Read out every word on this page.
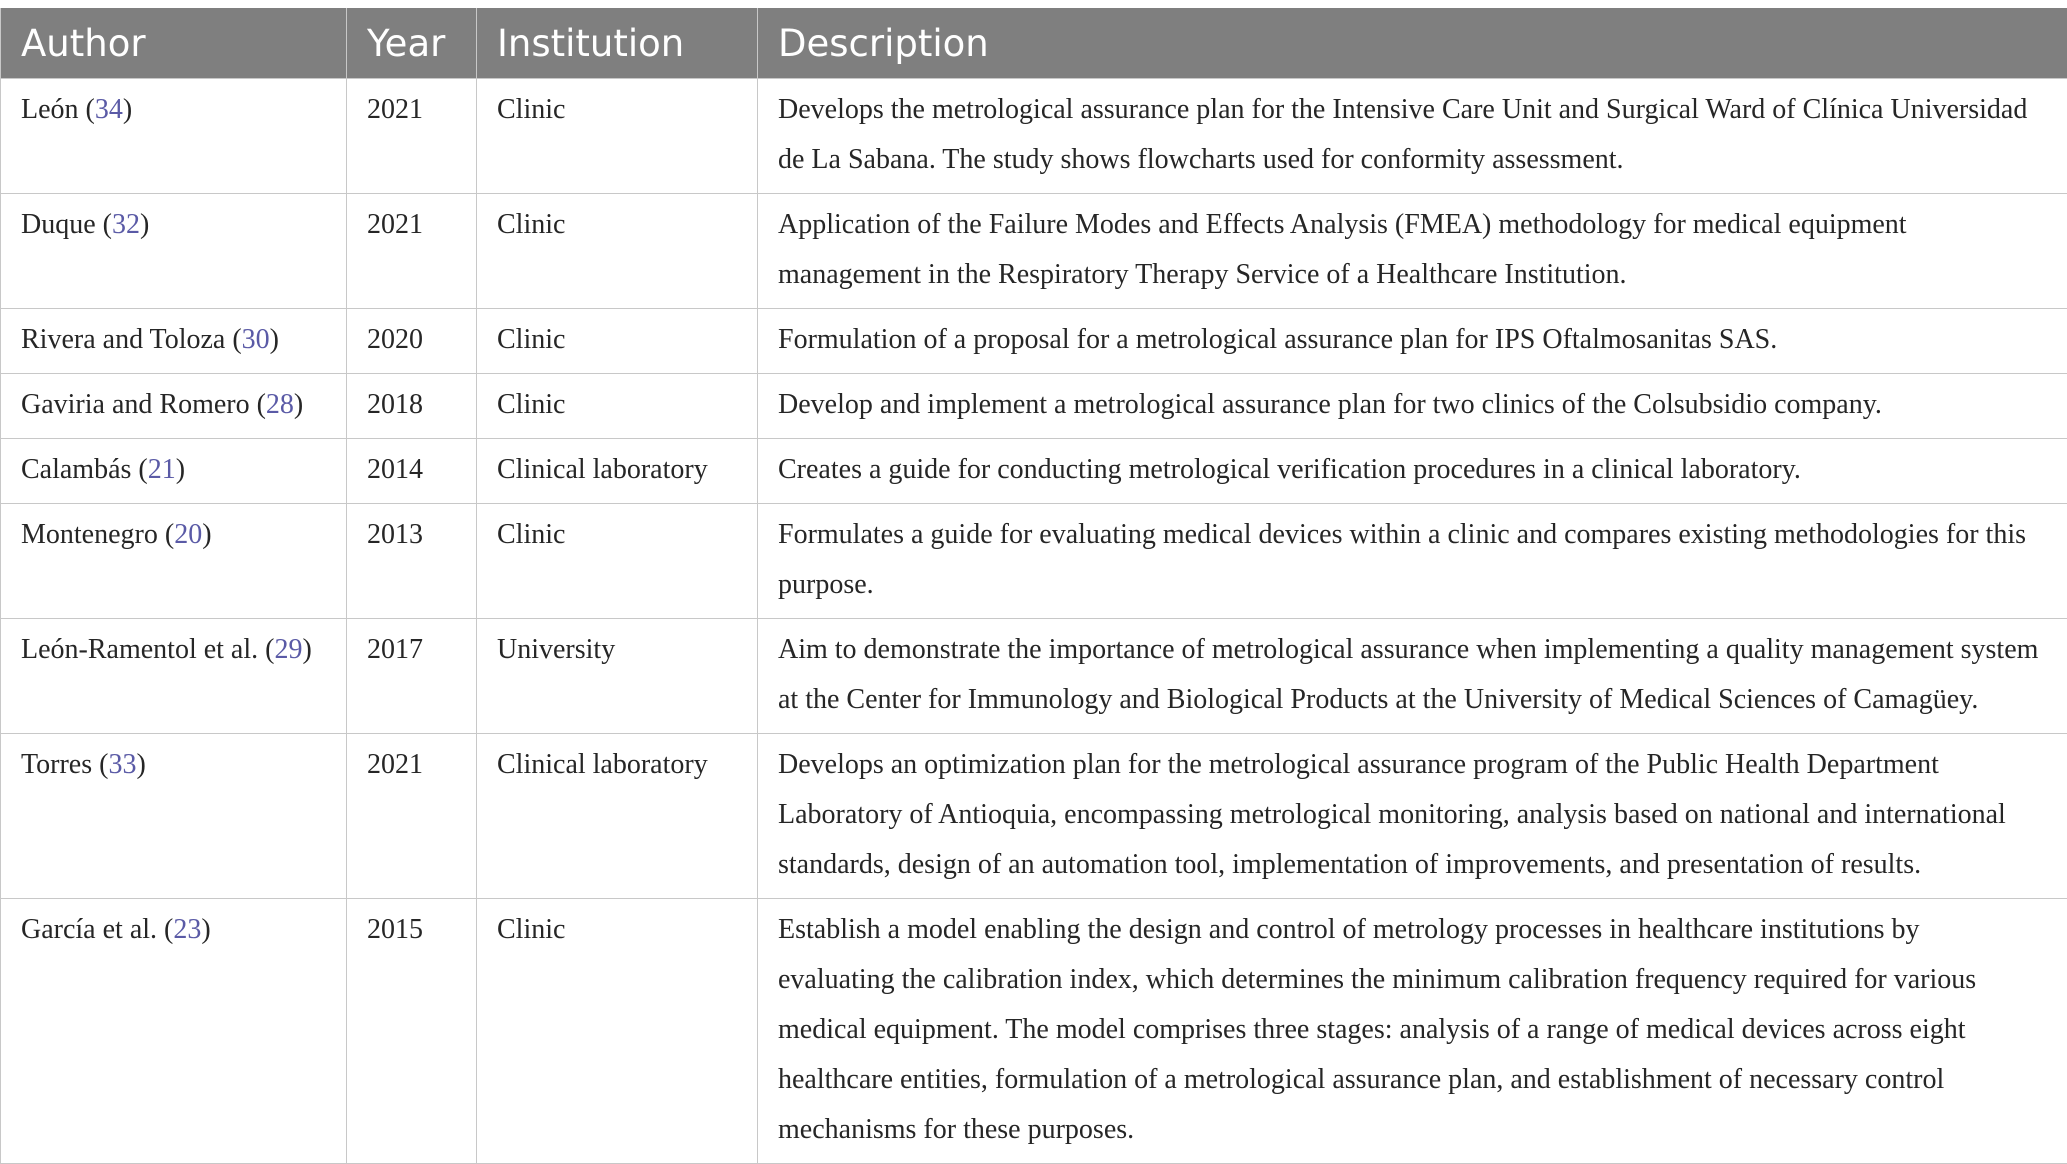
Author	Year	Institution	Description
León (34)	2021	Clinic	Develops the metrological assurance plan for the Intensive Care Unit and Surgical Ward of Clínica Universidad de La Sabana. The study shows flowcharts used for conformity assessment.
Duque (32)	2021	Clinic	Application of the Failure Modes and Effects Analysis (FMEA) methodology for medical equipment management in the Respiratory Therapy Service of a Healthcare Institution.
Rivera and Toloza (30)	2020	Clinic	Formulation of a proposal for a metrological assurance plan for IPS Oftalmosanitas SAS.
Gaviria and Romero (28)	2018	Clinic	Develop and implement a metrological assurance plan for two clinics of the Colsubsidio company.
Calambás (21)	2014	Clinical laboratory	Creates a guide for conducting metrological verification procedures in a clinical laboratory.
Montenegro (20)	2013	Clinic	Formulates a guide for evaluating medical devices within a clinic and compares existing methodologies for this purpose.
León-Ramentol et al. (29)	2017	University	Aim to demonstrate the importance of metrological assurance when implementing a quality management system at the Center for Immunology and Biological Products at the University of Medical Sciences of Camagüey.
Torres (33)	2021	Clinical laboratory	Develops an optimization plan for the metrological assurance program of the Public Health Department Laboratory of Antioquia, encompassing metrological monitoring, analysis based on national and international standards, design of an automation tool, implementation of improvements, and presentation of results.
García et al. (23)	2015	Clinic	Establish a model enabling the design and control of metrology processes in healthcare institutions by evaluating the calibration index, which determines the minimum calibration frequency required for various medical equipment. The model comprises three stages: analysis of a range of medical devices across eight healthcare entities, formulation of a metrological assurance plan, and establishment of necessary control mechanisms for these purposes.
